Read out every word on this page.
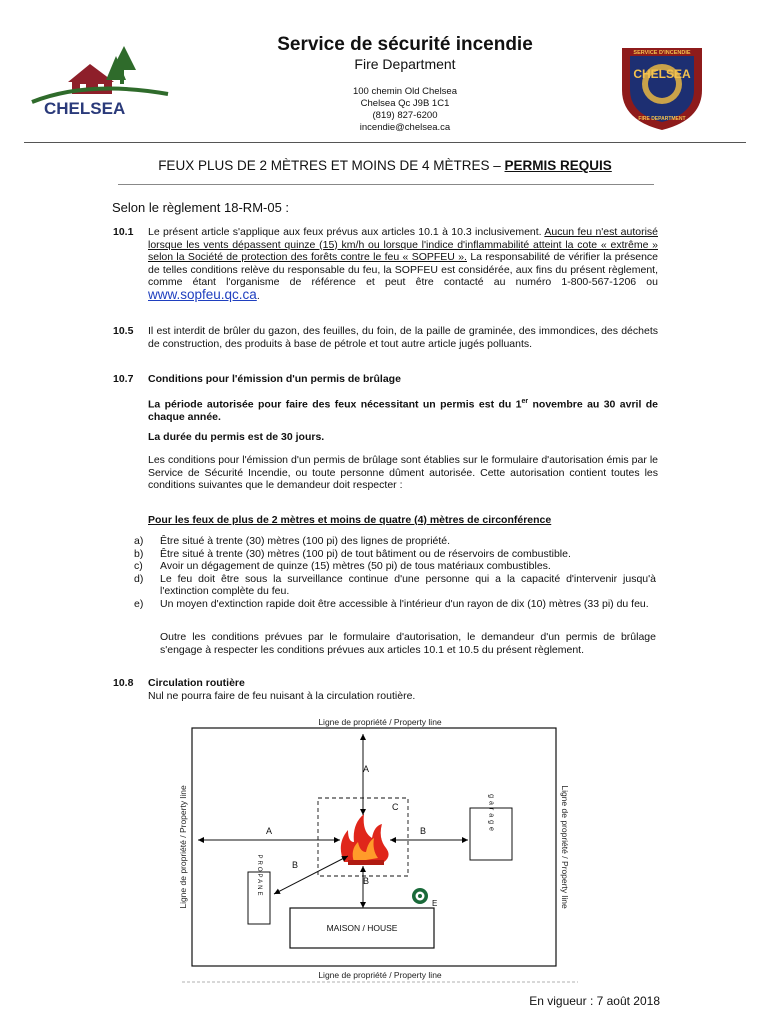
CHELSEA
Service de sécurité incendie
Fire Department
100 chemin Old Chelsea
Chelsea Qc J9B 1C1
(819) 827-6200
incendie@chelsea.ca
SERVICE D'INCENDIE
CHELSEA
FIRE DEPARTMENT
FEUX PLUS DE 2 MÈTRES ET MOINS DE 4 MÈTRES – PERMIS REQUIS
Selon le règlement 18-RM-05 :
10.1 Le présent article s'applique aux feux prévus aux articles 10.1 à 10.3 inclusivement. Aucun feu n'est autorisé lorsque les vents dépassent quinze (15) km/h ou lorsque l'indice d'inflammabilité atteint la cote « extrême » selon la Société de protection des forêts contre le feu « SOPFEU ». La responsabilité de vérifier la présence de telles conditions relève du responsable du feu, la SOPFEU est considérée, aux fins du présent règlement, comme étant l'organisme de référence et peut être contacté au numéro 1-800-567-1206 ou www.sopfeu.qc.ca.
10.5 Il est interdit de brûler du gazon, des feuilles, du foin, de la paille de graminée, des immondices, des déchets de construction, des produits à base de pétrole et tout autre article jugés polluants.
10.7 Conditions pour l'émission d'un permis de brûlage
La période autorisée pour faire des feux nécessitant un permis est du 1er novembre au 30 avril de chaque année.
La durée du permis est de 30 jours.
Les conditions pour l'émission d'un permis de brûlage sont établies sur le formulaire d'autorisation émis par le Service de Sécurité Incendie, ou toute personne dûment autorisée. Cette autorisation contient toutes les conditions suivantes que le demandeur doit respecter :
Pour les feux de plus de 2 mètres et moins de quatre (4) mètres de circonférence
a)	Être situé à trente (30) mètres (100 pi) des lignes de propriété.
b)	Être situé à trente (30) mètres (100 pi) de tout bâtiment ou de réservoirs de combustible.
c)	Avoir un dégagement de quinze (15) mètres (50 pi) de tous matériaux combustibles.
d)	Le feu doit être sous la surveillance continue d'une personne qui a la capacité d'intervenir jusqu'à l'extinction complète du feu.
e)	Un moyen d'extinction rapide doit être accessible à l'intérieur d'un rayon de dix (10) mètres (33 pi) du feu.
Outre les conditions prévues par le formulaire d'autorisation, le demandeur d'un permis de brûlage s'engage à respecter les conditions prévues aux articles 10.1 et 10.5 du présent règlement.
10.8 Circulation routière
Nul ne pourra faire de feu nuisant à la circulation routière.
Ligne de propriété / Property line
Ligne de propriété / Property line	Ligne de propriété / Property line
Ligne de propriété / Property line
C
A
A	B
B
B
garage
PROPANE
MAISON / HOUSE
E
En vigueur : 7 août 2018
